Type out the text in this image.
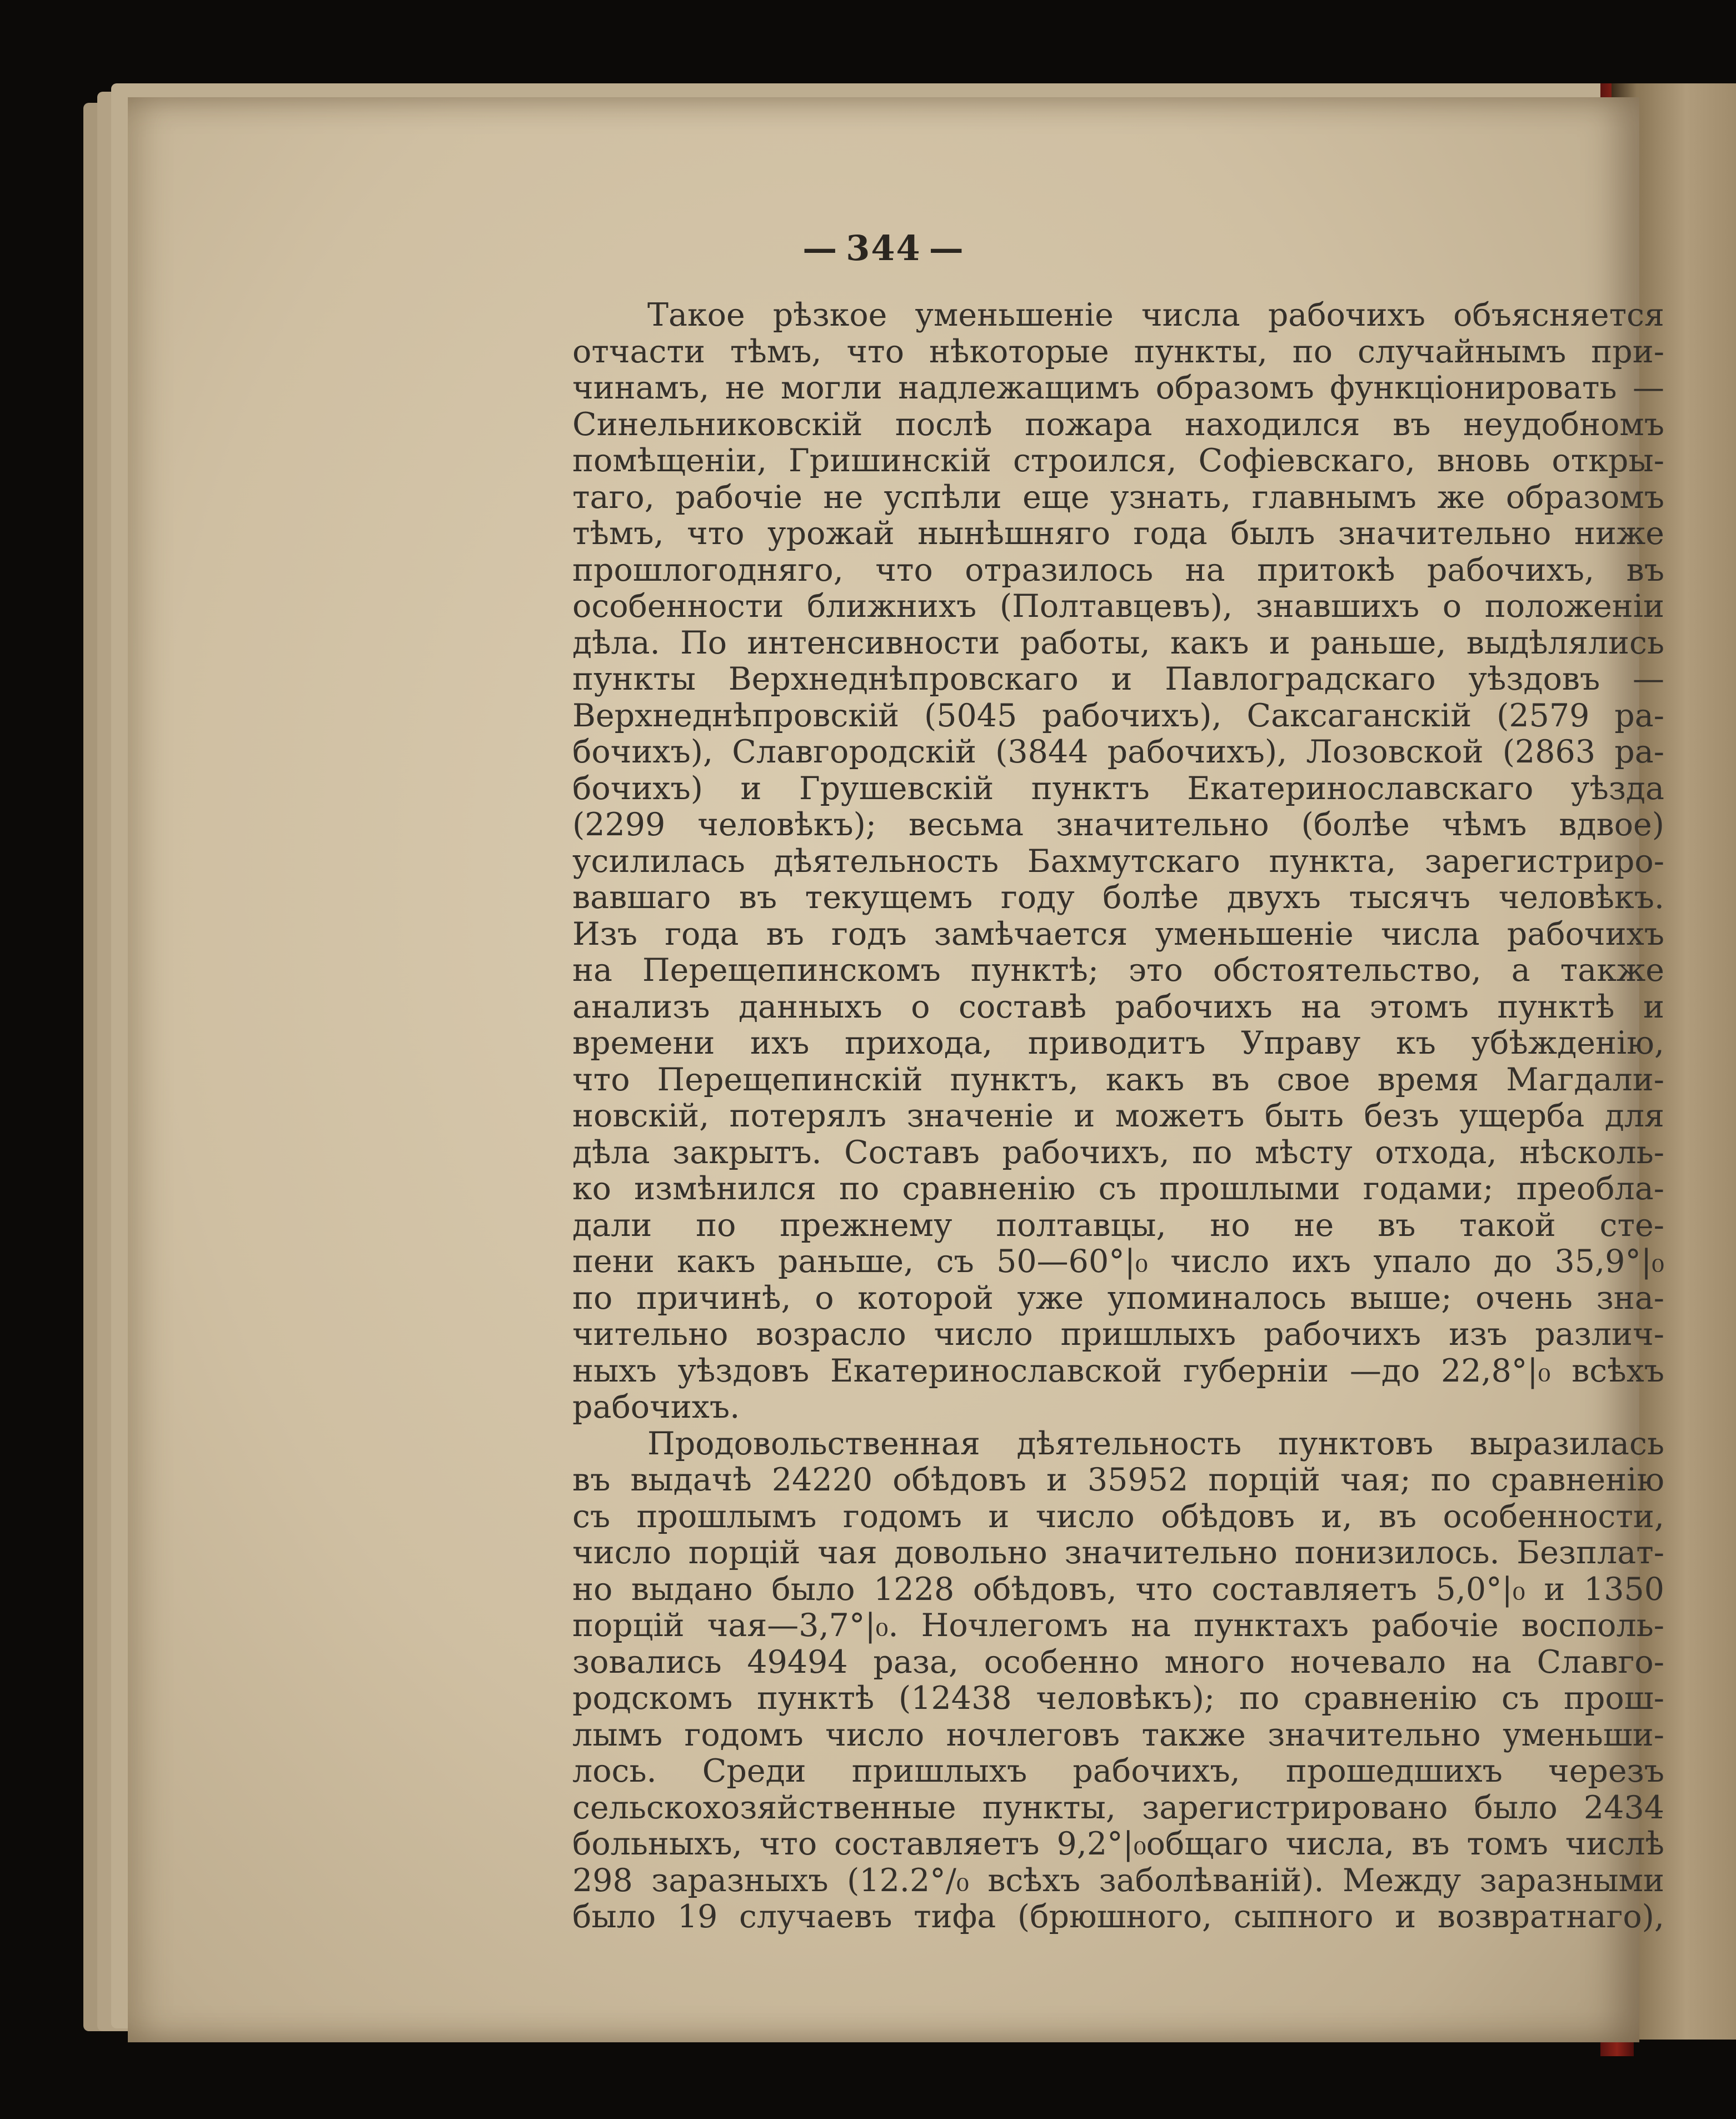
— 344 —
Такое рѣзкое уменьшеніе числа рабочихъ объясняется
отчасти тѣмъ, что нѣкоторые пункты, по случайнымъ при-
чинамъ, не могли надлежащимъ образомъ функціонировать —
Синельниковскій послѣ пожара находился въ неудобномъ
помѣщеніи, Гришинскій строился, Софіевскаго, вновь откры-
таго, рабочіе не успѣли еще узнать, главнымъ же образомъ
тѣмъ, что урожай нынѣшняго года былъ значительно ниже
прошлогодняго, что отразилось на притокѣ рабочихъ, въ
особенности ближнихъ (Полтавцевъ), знавшихъ о положеніи
дѣла. По интенсивности работы, какъ и раньше, выдѣлялись
пункты Верхнеднѣпровскаго и Павлоградскаго уѣздовъ —
Верхнеднѣпровскій (5045 рабочихъ), Саксаганскій (2579 ра-
бочихъ), Славгородскій (3844 рабочихъ), Лозовской (2863 ра-
бочихъ) и Грушевскій пунктъ Екатеринославскаго уѣзда
(2299 человѣкъ); весьма значительно (болѣе чѣмъ вдвое)
усилилась дѣятельность Бахмутскаго пункта, зарегистриро-
вавшаго въ текущемъ году болѣе двухъ тысячъ человѣкъ.
Изъ года въ годъ замѣчается уменьшеніе числа рабочихъ
на Перещепинскомъ пунктѣ; это обстоятельство, а также
анализъ данныхъ о составѣ рабочихъ на этомъ пунктѣ и
времени ихъ прихода, приводитъ Управу къ убѣжденію,
что Перещепинскій пунктъ, какъ въ свое время Магдали-
новскій, потерялъ значеніе и можетъ быть безъ ущерба для
дѣла закрытъ. Составъ рабочихъ, по мѣсту отхода, нѣсколь-
ко измѣнился по сравненію съ прошлыми годами; преобла-
дали по прежнему полтавцы, но не въ такой сте-
пени какъ раньше, съ 50—60°|₀ число ихъ упало до 35,9°|₀
по причинѣ, о которой уже упоминалось выше; очень зна-
чительно возрасло число пришлыхъ рабочихъ изъ различ-
ныхъ уѣздовъ Екатеринославской губерніи —до 22,8°|₀ всѣхъ
рабочихъ.
Продовольственная дѣятельность пунктовъ выразилась
въ выдачѣ 24220 обѣдовъ и 35952 порцій чая; по сравненію
съ прошлымъ годомъ и число обѣдовъ и, въ особенности,
число порцій чая довольно значительно понизилось. Безплат-
но выдано было 1228 обѣдовъ, что составляетъ 5,0°|₀ и 1350
порцій чая—3,7°|₀. Ночлегомъ на пунктахъ рабочіе восполь-
зовались 49494 раза, особенно много ночевало на Славго-
родскомъ пунктѣ (12438 человѣкъ); по сравненію съ прош-
лымъ годомъ число ночлеговъ также значительно уменьши-
лось. Среди пришлыхъ рабочихъ, прошедшихъ черезъ
сельскохозяйственные пункты, зарегистрировано было 2434
больныхъ, что составляетъ 9,2°|₀общаго числа, въ томъ числѣ
298 заразныхъ (12.2°/₀ всѣхъ заболѣваній). Между заразными
было 19 случаевъ тифа (брюшного, сыпного и возвратнаго),
